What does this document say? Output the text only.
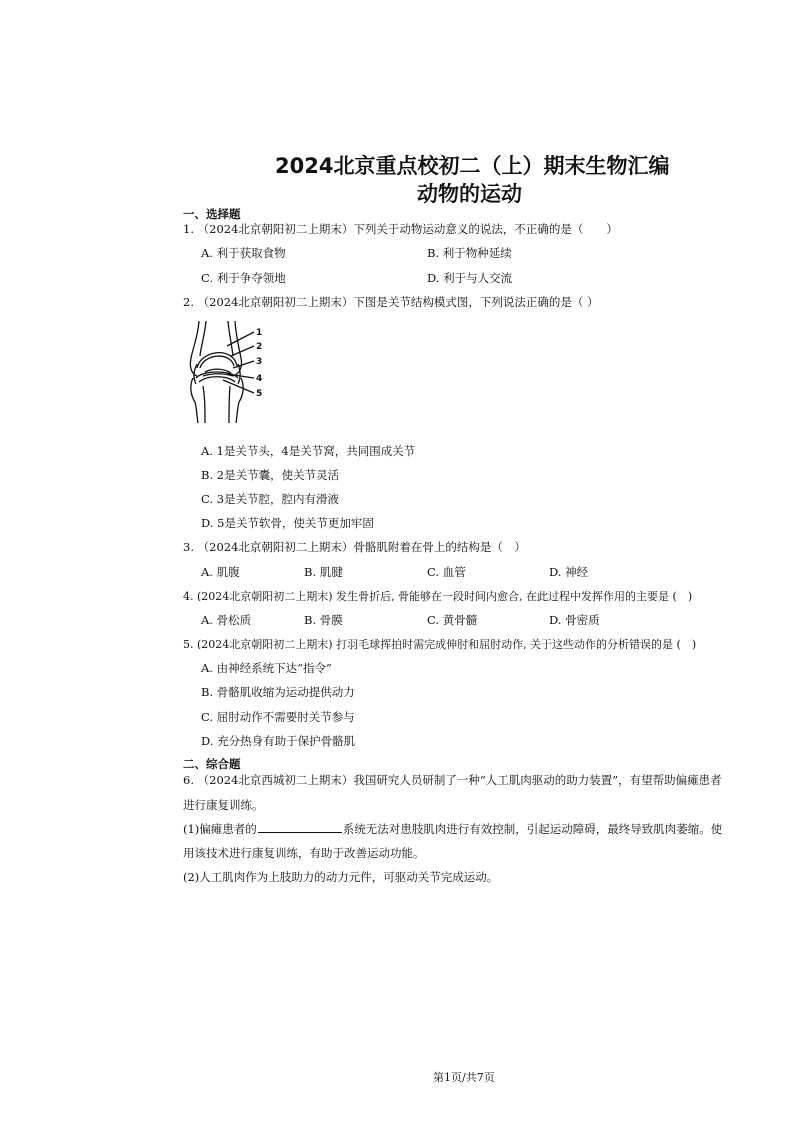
2024北京重点校初二（上）期末生物汇编
动物的运动
一、选择题
1. （2024北京朝阳初二上期末）下列关于动物运动意义的说法，不正确的是（　　）
A. 利于获取食物	B. 利于物种延续
C. 利于争夺领地	D. 利于与人交流
2. （2024北京朝阳初二上期末）下图是关节结构模式图，下列说法正确的是（ ）
1
2
3
4
5
A. 1是关节头，4是关节窝，共同围成关节
B. 2是关节囊，使关节灵活
C. 3是关节腔，腔内有滑液
D. 5是关节软骨，使关节更加牢固
3. （2024北京朝阳初二上期末）骨骼肌附着在骨上的结构是（　）
A. 肌腹	B. 肌腱	C. 血管	D. 神经
4. (2024北京朝阳初二上期末) 发生骨折后, 骨能够在一段时间内愈合, 在此过程中发挥作用的主要是 (　)
A. 骨松质	B. 骨膜	C. 黄骨髓	D. 骨密质
5. (2024北京朝阳初二上期末) 打羽毛球挥拍时需完成伸肘和屈肘动作, 关于这些动作的分析错误的是 (　)
A. 由神经系统下达“指令”
B. 骨骼肌收缩为运动提供动力
C. 屈肘动作不需要肘关节参与
D. 充分热身有助于保护骨骼肌
二、综合题
6. （2024北京西城初二上期末）我国研究人员研制了一种“人工肌肉驱动的助力装置”，有望帮助偏瘫患者
进行康复训练。
(1)偏瘫患者的	系统无法对患肢肌肉进行有效控制，引起运动障碍，最终导致肌肉萎缩。使
用该技术进行康复训练，有助于改善运动功能。
(2)人工肌肉作为上肢助力的动力元件，可驱动关节完成运动。
第1页/共7页
